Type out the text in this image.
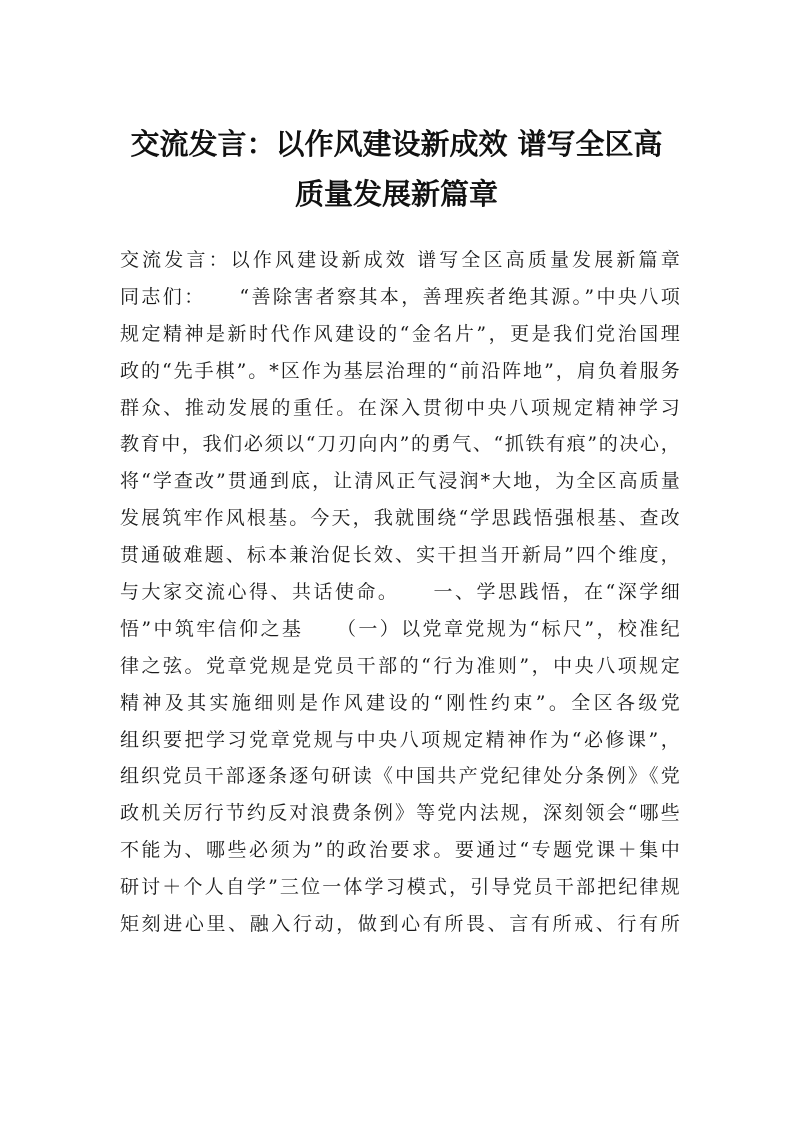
交流发言：以作风建设新成效 谱写全区高
质量发展新篇章
交流发言：以作风建设新成效 谱写全区高质量发展新篇章
同志们：    “善除害者察其本，善理疾者绝其源。”中央八项
规定精神是新时代作风建设的“金名片”，更是我们党治国理
政的“先手棋”。*区作为基层治理的“前沿阵地”，肩负着服务
群众、推动发展的重任。在深入贯彻中央八项规定精神学习
教育中，我们必须以“刀刃向内”的勇气、“抓铁有痕”的决心，
将“学查改”贯通到底，让清风正气浸润*大地，为全区高质量
发展筑牢作风根基。今天，我就围绕“学思践悟强根基、查改
贯通破难题、标本兼治促长效、实干担当开新局”四个维度，
与大家交流心得、共话使命。    一、学思践悟，在“深学细
悟”中筑牢信仰之基    （一）以党章党规为“标尺”，校准纪
律之弦。党章党规是党员干部的“行为准则”，中央八项规定
精神及其实施细则是作风建设的“刚性约束”。全区各级党
组织要把学习党章党规与中央八项规定精神作为“必修课”，
组织党员干部逐条逐句研读《中国共产党纪律处分条例》《党
政机关厉行节约反对浪费条例》等党内法规，深刻领会“哪些
不能为、哪些必须为”的政治要求。要通过“专题党课＋集中
研讨＋个人自学”三位一体学习模式，引导党员干部把纪律规
矩刻进心里、融入行动，做到心有所畏、言有所戒、行有所
